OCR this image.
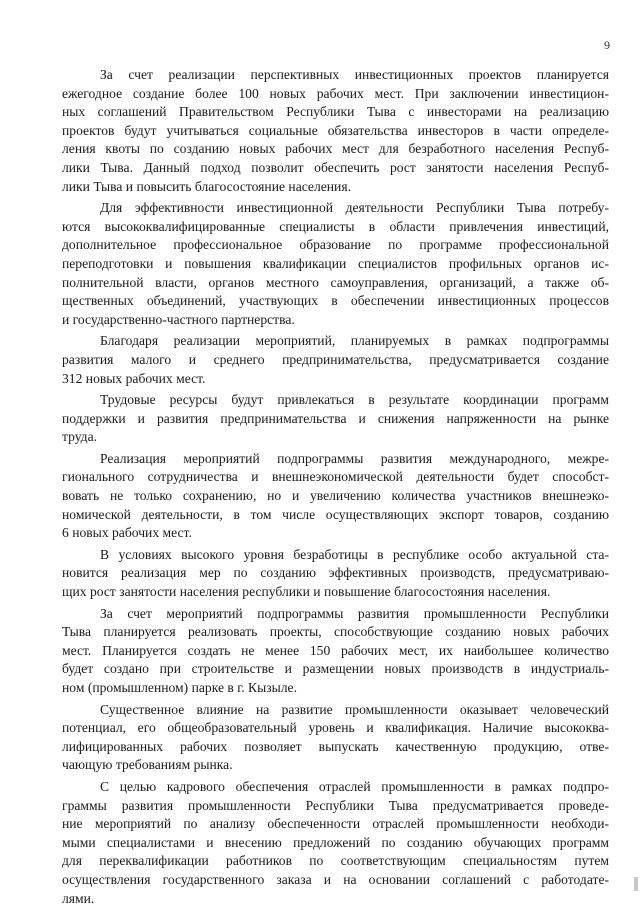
9
За счет реализации перспективных инвестиционных проектов планируется
ежегодное создание более 100 новых рабочих мест. При заключении инвестицион-
ных соглашений Правительством Республики Тыва с инвесторами на реализацию
проектов будут учитываться социальные обязательства инвесторов в части определе-
ления квоты по созданию новых рабочих мест для безработного населения Респуб-
лики Тыва. Данный подход позволит обеспечить рост занятости населения Респуб-
лики Тыва и повысить благосостояние населения.
Для эффективности инвестиционной деятельности Республики Тыва потребу-
ются высококвалифицированные специалисты в области привлечения инвестиций,
дополнительное профессиональное образование по программе профессиональной
переподготовки и повышения квалификации специалистов профильных органов ис-
полнительной власти, органов местного самоуправления, организаций, а также об-
щественных объединений, участвующих в обеспечении инвестиционных процессов
и государственно-частного партнерства.
Благодаря реализации мероприятий, планируемых в рамках подпрограммы
развития малого и среднего предпринимательства, предусматривается создание
312 новых рабочих мест.
Трудовые ресурсы будут привлекаться в результате координации программ
поддержки и развития предпринимательства и снижения напряженности на рынке
труда.
Реализация мероприятий подпрограммы развития международного, межре-
гионального сотрудничества и внешнеэкономической деятельности будет способст-
вовать не только сохранению, но и увеличению количества участников внешнеэко-
номической деятельности, в том числе осуществляющих экспорт товаров, созданию
6 новых рабочих мест.
В условиях высокого уровня безработицы в республике особо актуальной ста-
новится реализация мер по созданию эффективных производств, предусматриваю-
щих рост занятости населения республики и повышение благосостояния населения.
За счет мероприятий подпрограммы развития промышленности Республики
Тыва планируется реализовать проекты, способствующие созданию новых рабочих
мест. Планируется создать не менее 150 рабочих мест, их наибольшее количество
будет создано при строительстве и размещении новых производств в индустриаль-
ном (промышленном) парке в г. Кызыле.
Существенное влияние на развитие промышленности оказывает человеческий
потенциал, его общеобразовательный уровень и квалификация. Наличие высококва-
лифицированных рабочих позволяет выпускать качественную продукцию, отве-
чающую требованиям рынка.
С целью кадрового обеспечения отраслей промышленности в рамках подпро-
граммы развития промышленности Республики Тыва предусматривается проведе-
ние мероприятий по анализу обеспеченности отраслей промышленности необходи-
мыми специалистами и внесению предложений по созданию обучающих программ
для переквалификации работников по соответствующим специальностям путем
осуществления государственного заказа и на основании соглашений с работодате-
лями.
